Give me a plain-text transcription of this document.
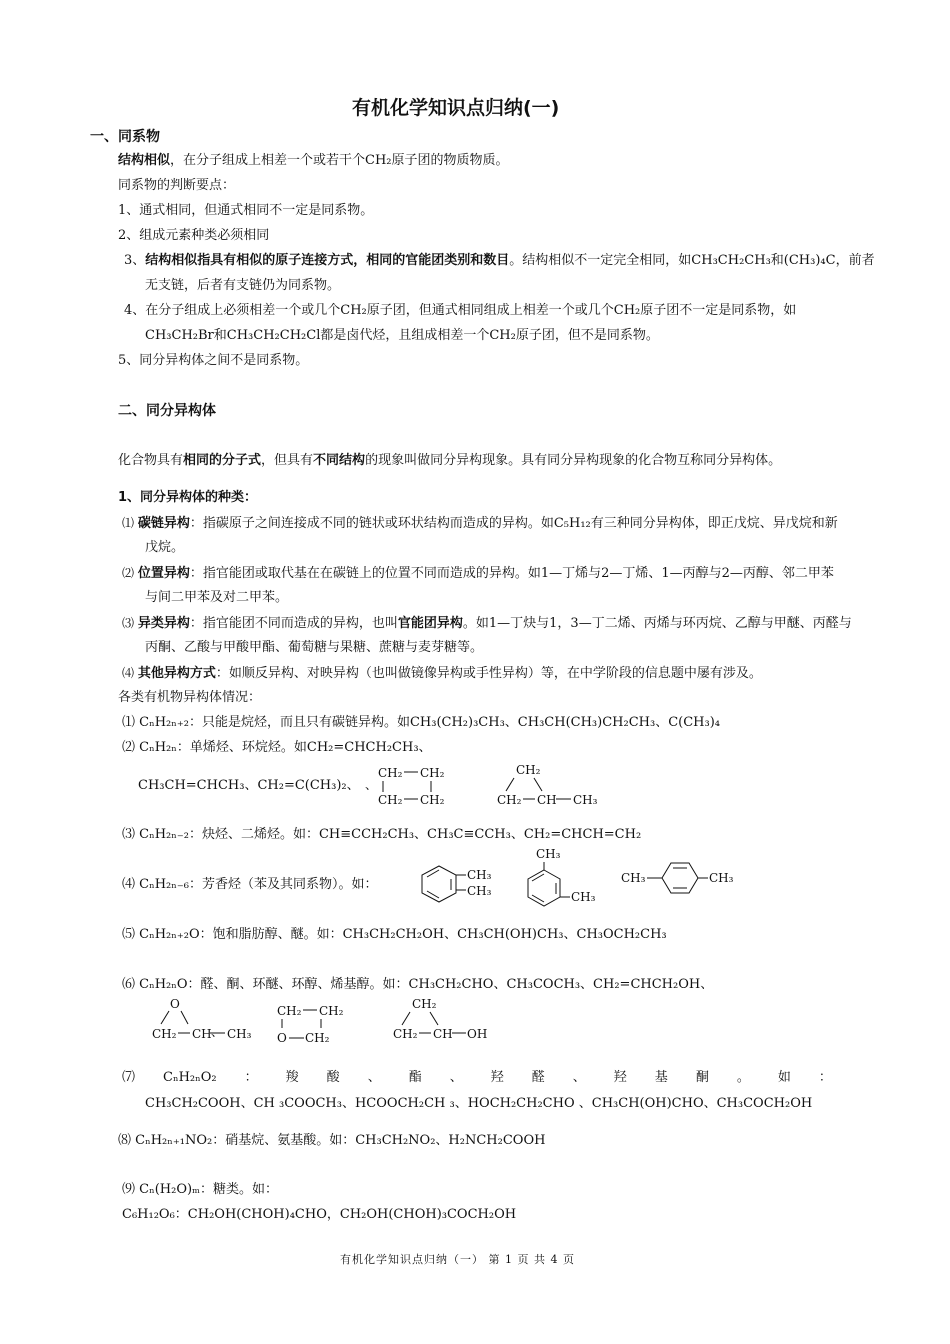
有机化学知识点归纳(一)
一、同系物
结构相似，在分子组成上相差一个或若干个CH₂原子团的物质物质。
同系物的判断要点：
1、通式相同，但通式相同不一定是同系物。
2、组成元素种类必须相同
3、结构相似指具有相似的原子连接方式，相同的官能团类别和数目。结构相似不一定完全相同，如CH₃CH₂CH₃和(CH₃)₄C，前者
无支链，后者有支链仍为同系物。
4、在分子组成上必须相差一个或几个CH₂原子团，但通式相同组成上相差一个或几个CH₂原子团不一定是同系物，如
CH₃CH₂Br和CH₃CH₂CH₂Cl都是卤代烃，且组成相差一个CH₂原子团，但不是同系物。
5、同分异构体之间不是同系物。
二、同分异构体
化合物具有相同的分子式，但具有不同结构的现象叫做同分异构现象。具有同分异构现象的化合物互称同分异构体。
1、同分异构体的种类：
⑴ 碳链异构：指碳原子之间连接成不同的链状或环状结构而造成的异构。如C₅H₁₂有三种同分异构体，即正戊烷、异戊烷和新
戊烷。
⑵ 位置异构：指官能团或取代基在在碳链上的位置不同而造成的异构。如1—丁烯与2—丁烯、1—丙醇与2—丙醇、邻二甲苯
与间二甲苯及对二甲苯。
⑶ 异类异构：指官能团不同而造成的异构，也叫官能团异构。如1—丁炔与1，3—丁二烯、丙烯与环丙烷、乙醇与甲醚、丙醛与
丙酮、乙酸与甲酸甲酯、葡萄糖与果糖、蔗糖与麦芽糖等。
⑷ 其他异构方式：如顺反异构、对映异构（也叫做镜像异构或手性异构）等，在中学阶段的信息题中屡有涉及。
各类有机物异构体情况：
⑴ CₙH₂ₙ₊₂：只能是烷烃，而且只有碳链异构。如CH₃(CH₂)₃CH₃、CH₃CH(CH₃)CH₂CH₃、C(CH₃)₄
⑵ CₙH₂ₙ：单烯烃、环烷烃。如CH₂=CHCH₂CH₃、
CH₃CH=CHCH₃、CH₂=C(CH₃)₂、 、
CH₂ CH₂
CH₂ CH₂
CH₂
CH₂ CH CH₃
⑶ CₙH₂ₙ₋₂：炔烃、二烯烃。如：CH≡CCH₂CH₃、CH₃C≡CCH₃、CH₂=CHCH=CH₂
⑷ CₙH₂ₙ₋₆：芳香烃（苯及其同系物）。如：
CH₃
CH₃
CH₃
CH₃
CH₃	CH₃
⑸ CₙH₂ₙ₊₂O：饱和脂肪醇、醚。如：CH₃CH₂CH₂OH、CH₃CH(OH)CH₃、CH₃OCH₂CH₃
⑹ CₙH₂ₙO：醛、酮、环醚、环醇、烯基醇。如：CH₃CH₂CHO、CH₃COCH₃、CH₂=CHCH₂OH、
O
CH₂ CH 、 CH₃
CH₂ CH₂
O CH₂
CH₂
CH₂ CH OH
⑺ CₙH₂ₙO₂ ： 羧 酸 、 酯 、 羟 醛 、 羟 基 酮 。 如 ：
CH₃CH₂COOH、CH ₃COOCH₃、HCOOCH₂CH ₃、HOCH₂CH₂CHO 、CH₃CH(OH)CHO、CH₃COCH₂OH
⑻ CₙH₂ₙ₊₁NO₂：硝基烷、氨基酸。如：CH₃CH₂NO₂、H₂NCH₂COOH
⑼ Cₙ(H₂O)ₘ：糖类。如：
C₆H₁₂O₆：CH₂OH(CHOH)₄CHO，CH₂OH(CHOH)₃COCH₂OH
有机化学知识点归纳（一） 第 1 页 共 4 页
